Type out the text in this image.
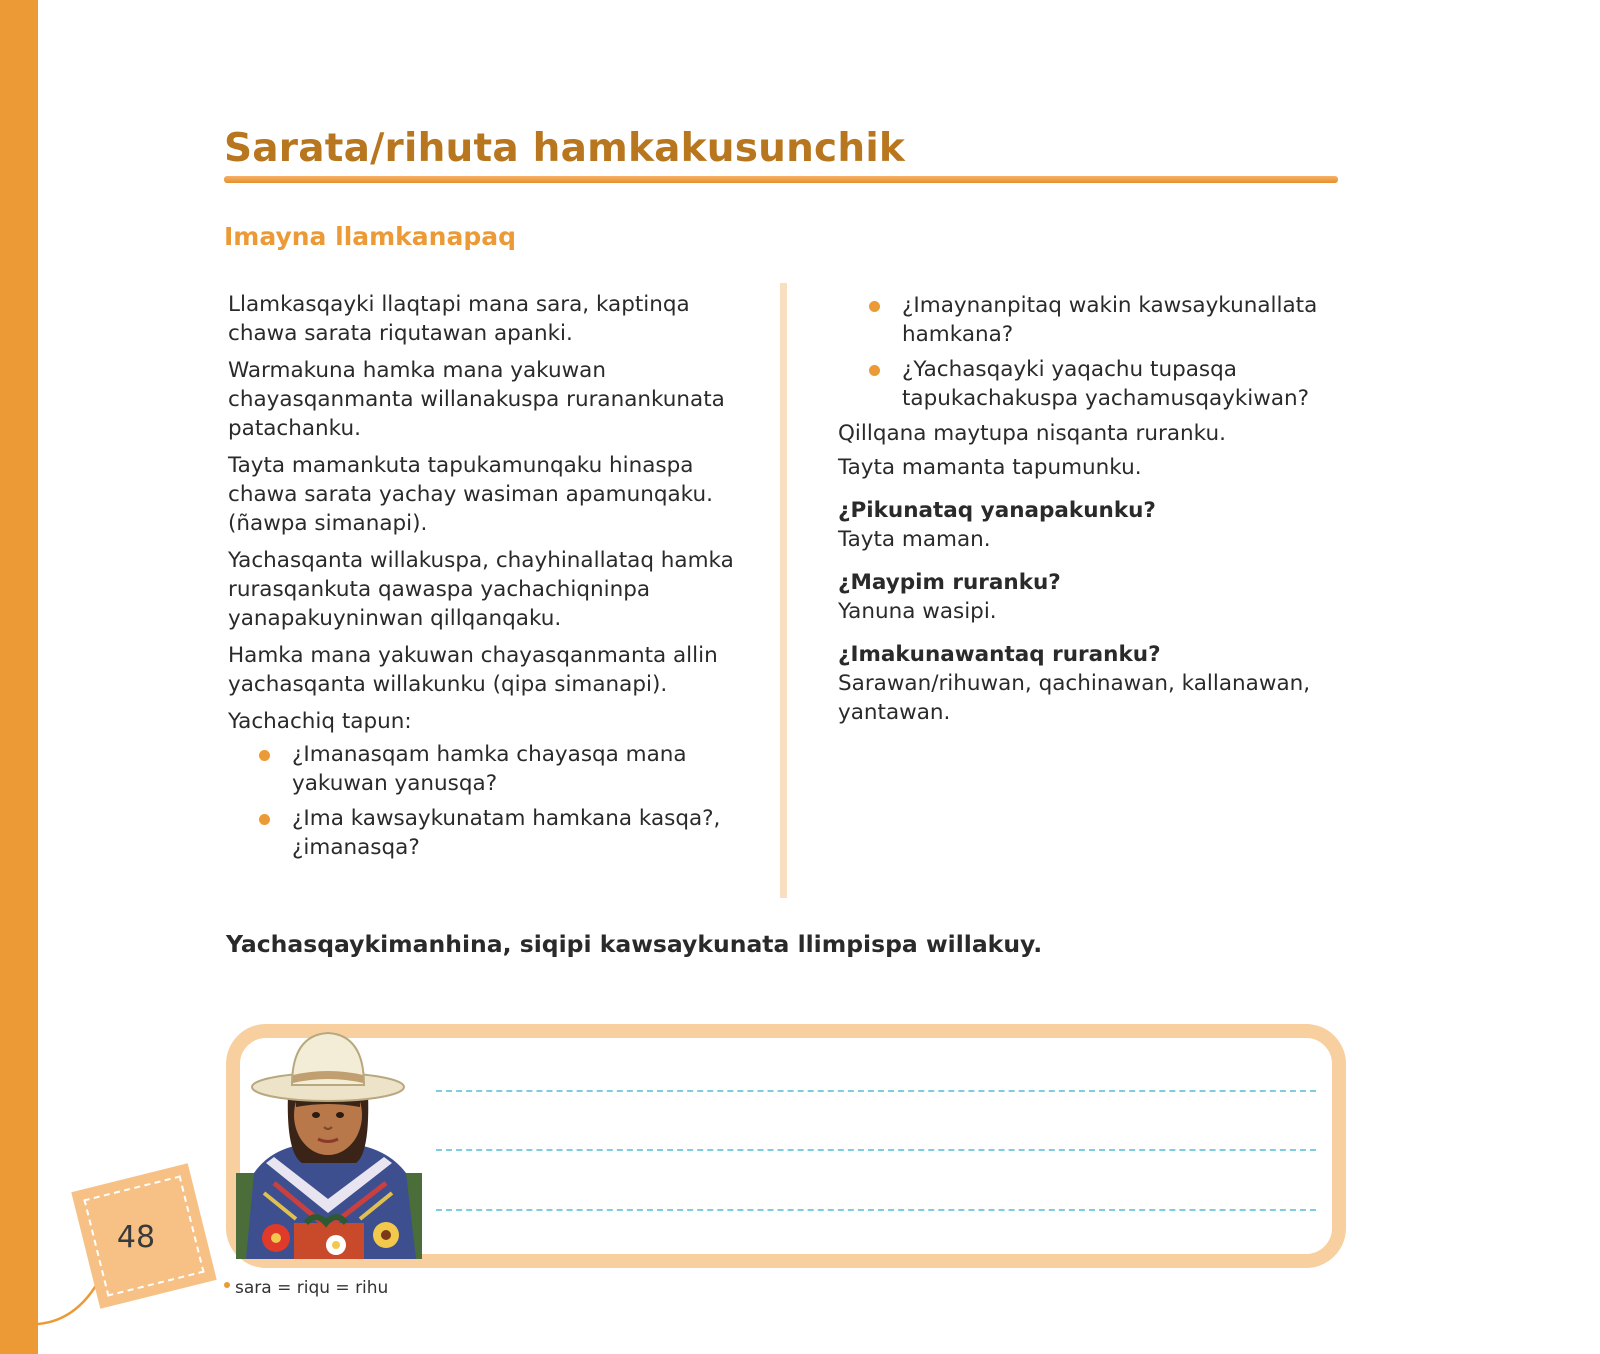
Sarata/rihuta hamkakusunchik
Imayna llamkanapaq

Llamkasqayki llaqtapi mana sara, kaptinqa chawa sarata riqutawan apanki.

Warmakuna hamka mana yakuwan chayasqanmanta willanakuspa ruranankunata patachanku.

Tayta mamankuta tapukamunqaku hinaspa chawa sarata yachay wasiman apamunqaku. (ñawpa simanapi).

Yachasqanta willakuspa, chayhinallataq hamka rurasqankuta qawaspa yachachiqninpa yanapakuyninwan qillqanqaku.

Hamka mana yakuwan chayasqanmanta allin yachasqanta willakunku (qipa simanapi).

Yachachiq tapun:

¿Imanasqam hamka chayasqa mana yakuwan yanusqa?
¿Ima kawsaykunatam hamkana kasqa?, ¿imanasqa?
¿Imaynanpitaq wakin kawsaykunallata hamkana?
¿Yachasqayki yaqachu tupasqa tapukachakuspa yachamusqaykiwan?

Qillqana maytupa nisqanta ruranku.

Tayta mamanta tapumunku.

¿Pikunataq yanapakunku?

Tayta maman.

¿Maypim ruranku?

Yanuna wasipi.

¿Imakunawantaq ruranku?

Sarawan/rihuwan, qachinawan, kallanawan, yantawan.

Yachasqaykimanhina, siqipi kawsaykunata llimpispa willakuy.

48
sara = riqu = rihu
